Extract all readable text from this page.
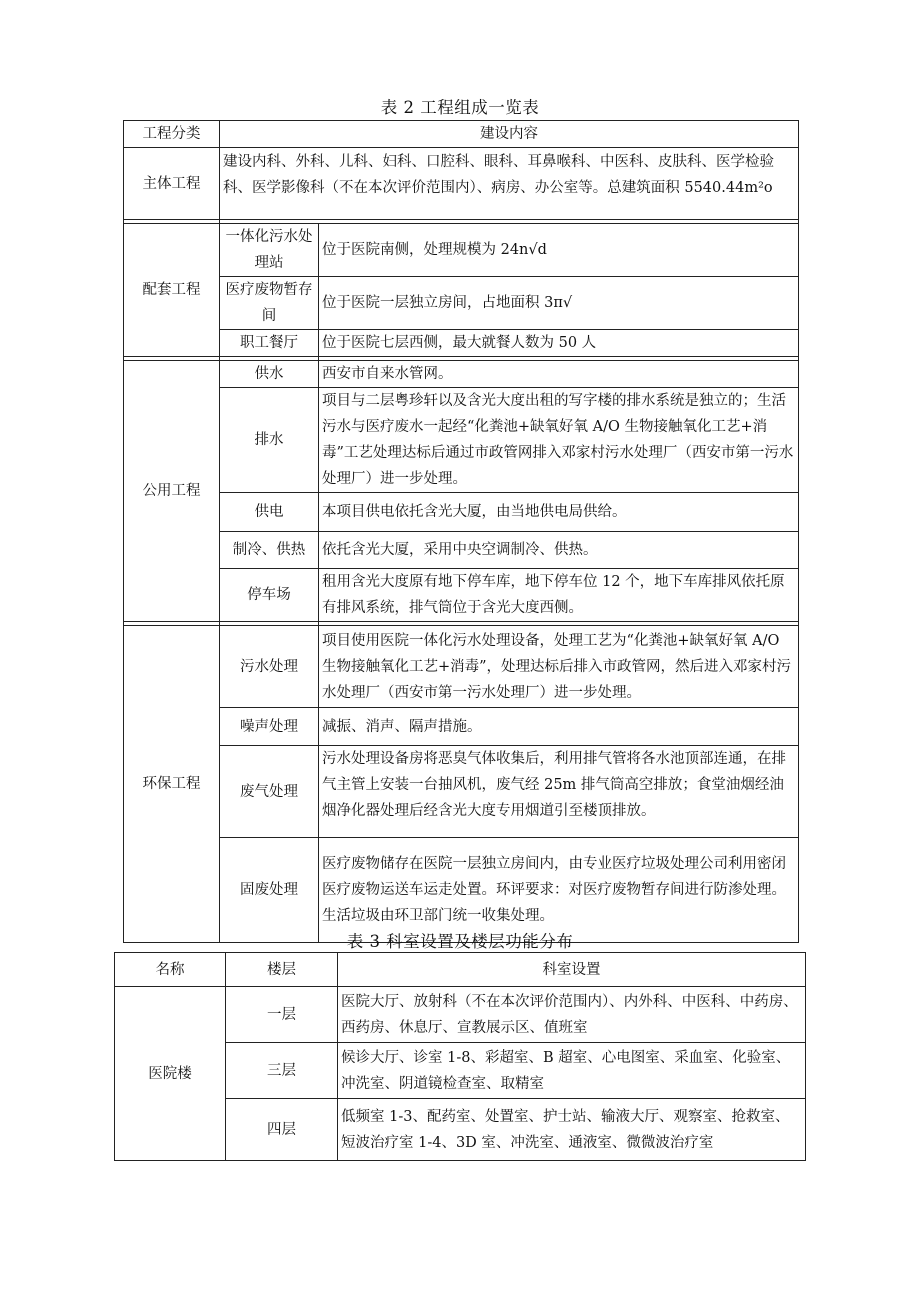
表 2 工程组成一览表
工程分类	建设内容	
主体工程	建设内科、外科、儿科、妇科、口腔科、眼科、耳鼻喉科、中医科、皮肤科、医学检验科、医学影像科（不在本次评价范围内）、病房、办公室等。总建筑面积 5540.44m²o	

配套工程	一体化污水处理站	位于医院南侧，处理规模为 24n√d
	医疗废物暂存间	位于医院一层独立房间，占地面积 3π√
	职工餐厅	位于医院七层西侧，最大就餐人数为 50 人

公用工程	供水	西安市自来水管网。
	排水	项目与二层粤珍轩以及含光大度出租的写字楼的排水系统是独立的；生活污水与医疗废水一起经“化粪池+缺氧好氧 A/O 生物接触氧化工艺+消毒”工艺处理达标后通过市政管网排入邓家村污水处理厂（西安市第一污水处理厂）进一步处理。
	供电	本项目供电依托含光大厦，由当地供电局供给。
	制冷、供热	依托含光大厦，采用中央空调制冷、供热。
	停车场	租用含光大度原有地下停车库，地下停车位 12 个，地下车库排风依托原有排风系统，排气筒位于含光大度西侧。

环保工程	污水处理	项目使用医院一体化污水处理设备，处理工艺为“化粪池+缺氧好氧 A/O 生物接触氧化工艺+消毒”，处理达标后排入市政管网，然后进入邓家村污水处理厂（西安市第一污水处理厂）进一步处理。
	噪声处理	减振、消声、隔声措施。
	废气处理	污水处理设备房将恶臭气体收集后，利用排气管将各水池顶部连通，在排气主管上安装一台抽风机，废气经 25m 排气筒高空排放；食堂油烟经油烟净化器处理后经含光大度专用烟道引至楼顶排放。
	固废处理	医疗废物储存在医院一层独立房间内，由专业医疗垃圾处理公司利用密闭医疗废物运送车运走处置。环评要求：对医疗废物暂存间进行防渗处理。
生活垃圾由环卫部门统一收集处理。
表 3 科室设置及楼层功能分布
名称	楼层	科室设置
医院楼	一层	医院大厅、放射科（不在本次评价范围内）、内外科、中医科、中药房、西药房、休息厅、宣教展示区、值班室
	三层	候诊大厅、诊室 1-8、彩超室、B 超室、心电图室、采血室、化验室、冲洗室、阴道镜检查室、取精室
	四层	低频室 1-3、配药室、处置室、护士站、输液大厅、观察室、抢救室、短波治疗室 1-4、3D 室、冲洗室、通液室、微微波治疗室
